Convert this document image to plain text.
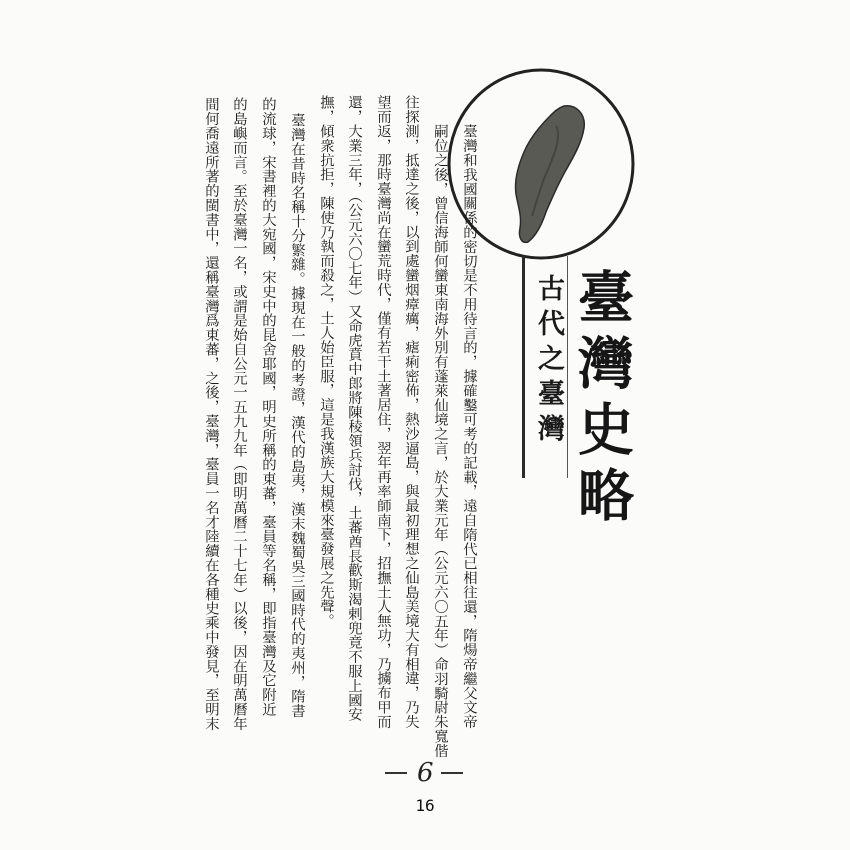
臺灣史略
古代之臺灣
臺灣和我國關係的密切是不用待言的，據確鑿可考的記載，遠自隋代已相往還，隋煬帝繼父文帝
嗣位之後，曾信海師何蠻東南海外別有蓬萊仙境之言，於大業元年（公元六〇五年）命羽騎尉朱寬偕
往探測，抵達之後，以到處蠻烟瘴癘，瘧痢密佈，熱沙逼島，與最初理想之仙島美境大有相違，乃失
望而返，那時臺灣尚在蠻荒時代，僅有若干土著居住，翌年再率師南下，招撫土人無功，乃擄布甲而
還，大業三年，（公元六〇七年）又命虎賁中郎將陳稜領兵討伐，土蕃酋長歡斯渴剌兜竟不服上國安
撫，傾衆抗拒，陳使乃執而殺之，土人始臣服，這是我漢族大規模來臺發展之先聲。
臺灣在昔時名稱十分繁雜。據現在一般的考證，漢代的島夷，漢末魏蜀吳三國時代的夷州，隋書
的流球，宋書裡的大宛國，宋史中的昆舍耶國，明史所稱的東蕃，臺員等名稱，即指臺灣及它附近
的島嶼而言。至於臺灣一名，或謂是始自公元一五九九年（即明萬曆二十七年）以後，因在明萬曆年
間何喬遠所著的閩書中，還稱臺灣爲東蕃，之後，臺灣，臺員一名才陸續在各種史乘中發見，至明末
6
16
